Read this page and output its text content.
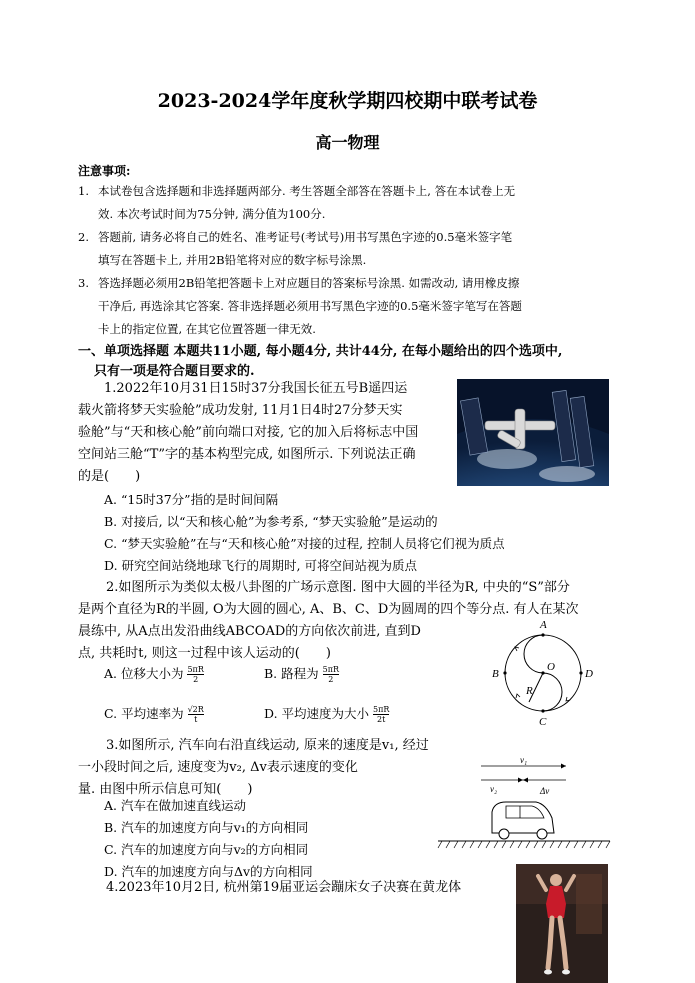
2023-2024学年度秋学期四校期中联考试卷
高一物理
注意事项:
1. 本试卷包含选择题和非选择题两部分. 考生答题全部答在答题卡上, 答在本试卷上无
效. 本次考试时间为75分钟, 满分值为100分.
2. 答题前, 请务必将自己的姓名、准考证号(考试号)用书写黑色字迹的0.5毫米签字笔
填写在答题卡上, 并用2B铅笔将对应的数字标号涂黑.
3. 答选择题必须用2B铅笔把答题卡上对应题目的答案标号涂黑. 如需改动, 请用橡皮擦
干净后, 再选涂其它答案. 答非选择题必须用书写黑色字迹的0.5毫米签字笔写在答题
卡上的指定位置, 在其它位置答题一律无效.
一、单项选择题 本题共11小题, 每小题4分, 共计44分, 在每小题给出的四个选项中,
只有一项是符合题目要求的.
1.2022年10月31日15时37分我国长征五号B遥四运
载火箭将梦天实验舱”成功发射, 11月1日4时27分梦天实
验舱”与“天和核心舱”前向端口对接, 它的加入后将标志中国
空间站三舱“T”字的基本构型完成, 如图所示. 下列说法正确
的是(　　)
A. “15时37分”指的是时间间隔
B. 对接后, 以“天和核心舱”为参考系, “梦天实验舱”是运动的
C. “梦天实验舱”在与“天和核心舱”对接的过程, 控制人员将它们视为质点
D. 研究空间站绕地球飞行的周期时, 可将空间站视为质点
2.如图所示为类似太极八卦图的广场示意图. 图中大圆的半径为R, 中央的“S”部分
是两个直径为R的半圆, O为大圆的圆心, A、B、C、D为圆周的四个等分点. 有人在某次
晨练中, 从A点出发沿曲线ABCOAD的方向依次前进, 直到D
点, 共耗时t, 则这一过程中该人运动的(　　)
A. 位移大小为 $\frac{5\pi R}{2}$	B. 路程为 $\frac{5\pi R}{2}$
C. 平均速率为 $\frac{√2R}{t}$	D. 平均速度为大小 $\frac{5\pi R}{2t}$
A
B	D
C
O
R
3.如图所示, 汽车向右沿直线运动, 原来的速度是v₁, 经过
一小段时间之后, 速度变为v₂, Δv表示速度的变化
量. 由图中所示信息可知(　　)
A. 汽车在做加速直线运动
B. 汽车的加速度方向与v₁的方向相同
C. 汽车的加速度方向与v₂的方向相同
D. 汽车的加速度方向与Δv的方向相同
v₁
v₂	Δv
4.2023年10月2日, 杭州第19届亚运会蹦床女子决赛在黄龙体
